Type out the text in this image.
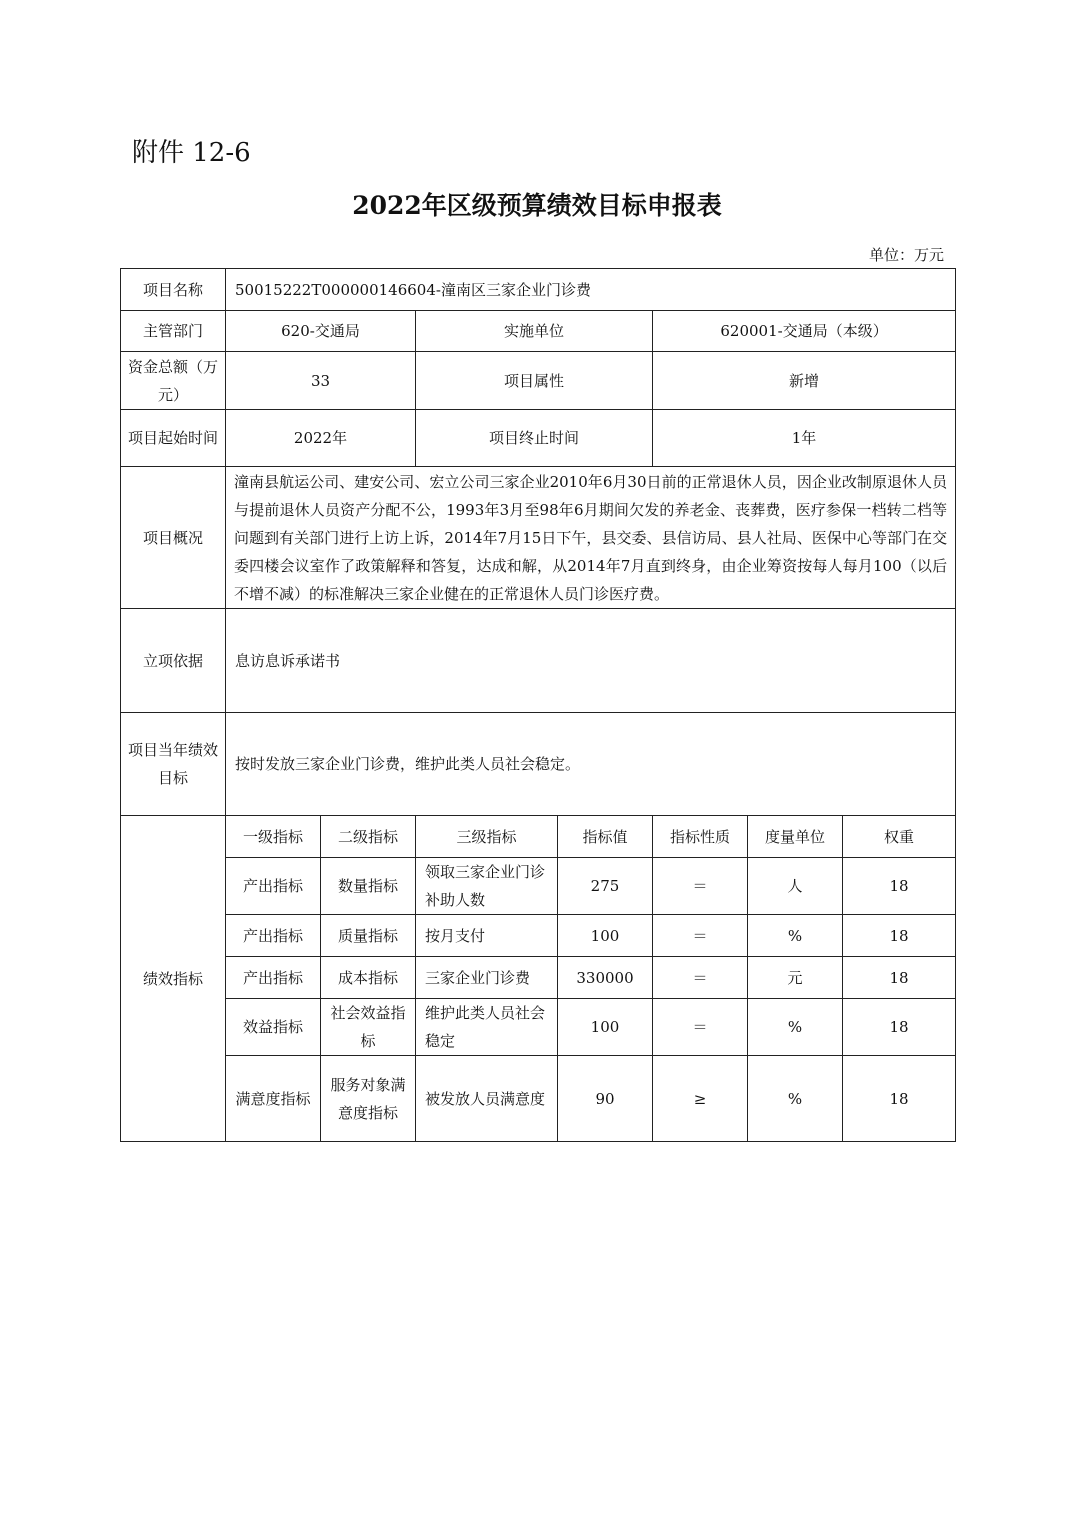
附件 12-6
2022年区级预算绩效目标申报表
单位：万元
项目名称	50015222T000000146604-潼南区三家企业门诊费						
主管部门	620-交通局		实施单位		620001-交通局（本级）		
资金总额（万元）	33		项目属性		新增		
项目起始时间	2022年		项目终止时间		1年		
项目概况	潼南县航运公司、建安公司、宏立公司三家企业2010年6月30日前的正常退休人员，因企业改制原退休人员与提前退休人员资产分配不公，1993年3月至98年6月期间欠发的养老金、丧葬费，医疗参保一档转二档等问题到有关部门进行上访上诉，2014年7月15日下午，县交委、县信访局、县人社局、医保中心等部门在交委四楼会议室作了政策解释和答复，达成和解，从2014年7月直到终身，由企业筹资按每人每月100（以后不增不减）的标准解决三家企业健在的正常退休人员门诊医疗费。						
立项依据	息访息诉承诺书						
项目当年绩效目标	按时发放三家企业门诊费，维护此类人员社会稳定。						
绩效指标	一级指标	二级指标	三级指标	指标值	指标性质	度量单位	权重
	产出指标	数量指标	领取三家企业门诊补助人数	275	＝	人	18
	产出指标	质量指标	按月支付	100	＝	%	18
	产出指标	成本指标	三家企业门诊费	330000	＝	元	18
	效益指标	社会效益指标	维护此类人员社会稳定	100	＝	%	18
	满意度指标	服务对象满意度指标	被发放人员满意度	90	≥	%	18
